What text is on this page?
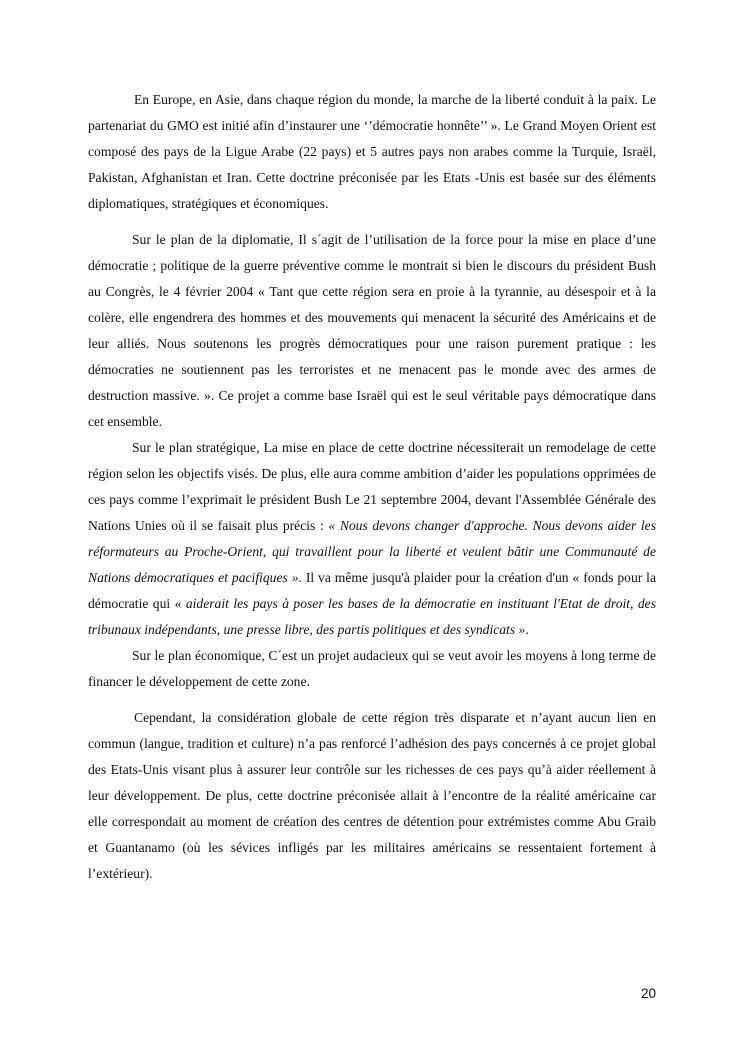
En Europe, en Asie, dans chaque région du monde, la marche de la liberté conduit à la paix. Le partenariat du GMO est initié afin d’instaurer une ‘’démocratie honnête’’ ». Le Grand Moyen Orient est composé des pays de la Ligue Arabe (22 pays) et 5 autres pays non arabes comme la Turquie, Israël, Pakistan, Afghanistan et Iran. Cette doctrine préconisée par les Etats -Unis est basée sur des éléments diplomatiques, stratégiques et économiques.

Sur le plan de la diplomatie, Il s´agit de l’utilisation de la force pour la mise en place d’une démocratie ; politique de la guerre préventive comme le montrait si bien le discours du président Bush au Congrès, le 4 février 2004 « Tant que cette région sera en proie à la tyrannie, au désespoir et à la colère, elle engendrera des hommes et des mouvements qui menacent la sécurité des Américains et de leur alliés. Nous soutenons les progrès démocratiques pour une raison purement pratique : les démocraties ne soutiennent pas les terroristes et ne menacent pas le monde avec des armes de destruction massive. ». Ce projet a comme base Israël qui est le seul véritable pays démocratique dans cet ensemble.

Sur le plan stratégique, La mise en place de cette doctrine nécessiterait un remodelage de cette région selon les objectifs visés. De plus, elle aura comme ambition d’aider les populations opprimées de ces pays comme l’exprimait le président Bush Le 21 septembre 2004, devant l'Assemblée Générale des Nations Unies où il se faisait plus précis : « Nous devons changer d'approche. Nous devons aider les réformateurs au Proche-Orient, qui travaillent pour la liberté et veulent bâtir une Communauté de Nations démocratiques et pacifiques ». Il va même jusqu'à plaider pour la création d'un « fonds pour la démocratie qui « aiderait les pays à poser les bases de la démocratie en instituant l'Etat de droit, des tribunaux indépendants, une presse libre, des partis politiques et des syndicats ».

Sur le plan économique, C´est un projet audacieux qui se veut avoir les moyens à long terme de financer le développement de cette zone.

Cependant, la considération globale de cette région très disparate et n’ayant aucun lien en commun (langue, tradition et culture) n’a pas renforcé l’adhésion des pays concernés à ce projet global des Etats-Unis visant plus à assurer leur contrôle sur les richesses de ces pays qu’à aider réellement à leur développement. De plus, cette doctrine préconisée allait à l’encontre de la réalité américaine car elle correspondait au moment de création des centres de détention pour extrémistes comme Abu Graib et Guantanamo (où les sévices infligés par les militaires américains se ressentaient fortement à l’extérieur).

20
